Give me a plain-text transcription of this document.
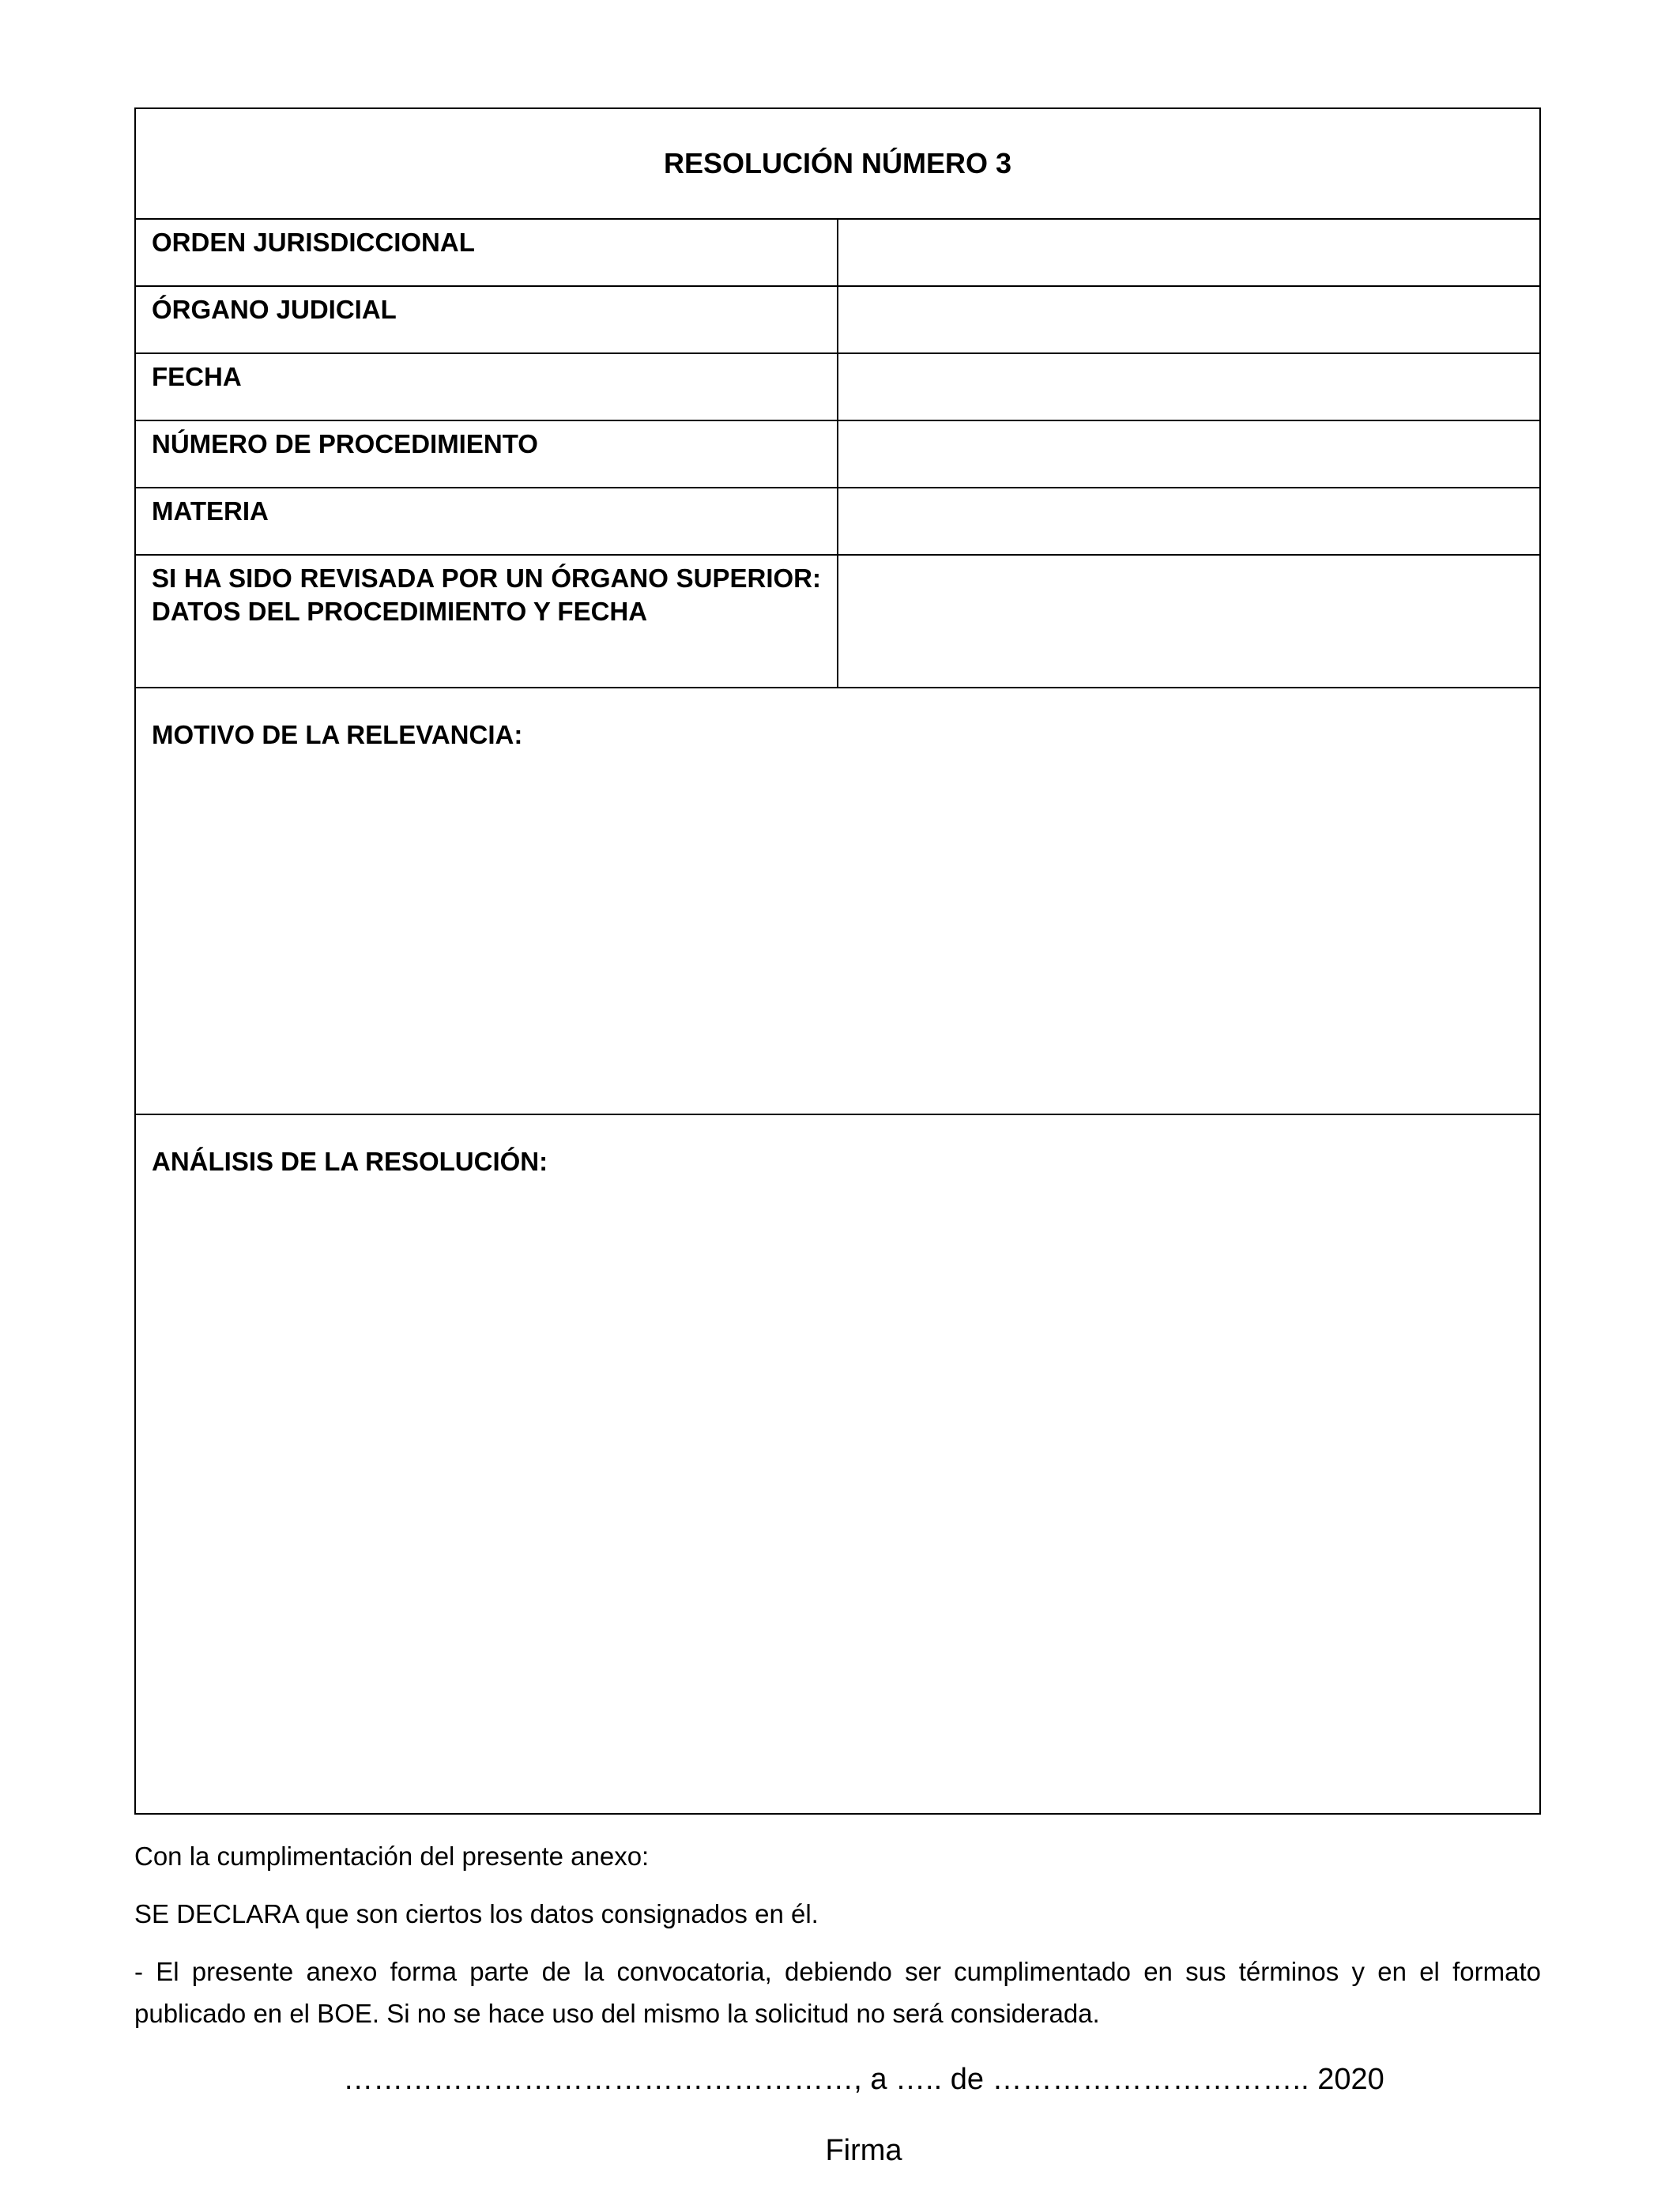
RESOLUCIÓN NÚMERO 3	
ORDEN JURISDICCIONAL	
ÓRGANO JUDICIAL	
FECHA	
NÚMERO DE PROCEDIMIENTO	
MATERIA	
SI HA SIDO REVISADA POR UN ÓRGANO SUPERIOR: DATOS DEL PROCEDIMIENTO Y FECHA	
MOTIVO DE LA RELEVANCIA:	
ANÁLISIS DE LA RESOLUCIÓN:	

Con la cumplimentación del presente anexo:

SE DECLARA que son ciertos los datos consignados en él.

- El presente anexo forma parte de la convocatoria, debiendo ser cumplimentado en sus términos y en el formato publicado en el BOE. Si no se hace uso del mismo la solicitud no será considerada.

……………………………………………, a ….. de ………………………….. 2020
Firma
